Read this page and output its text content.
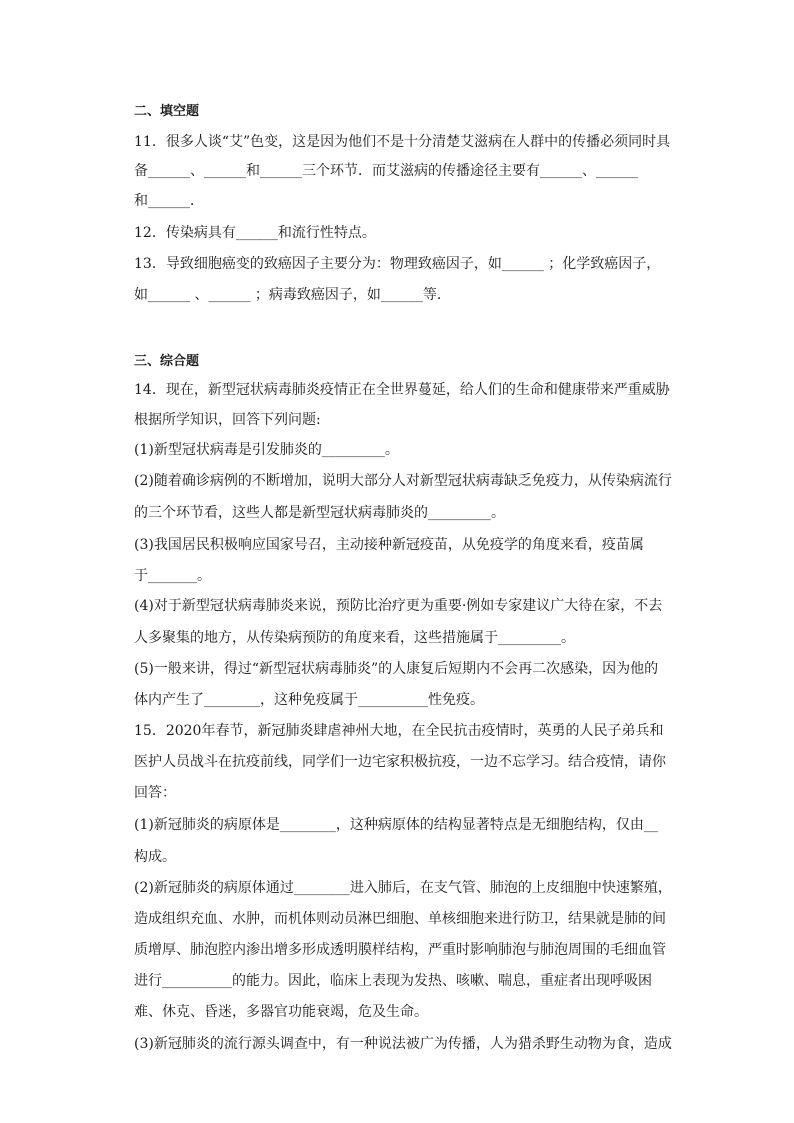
二、填空题
11．很多人谈“艾”色变，这是因为他们不是十分清楚艾滋病在人群中的传播必须同时具
备______、______和______三个环节．而艾滋病的传播途径主要有______、______
和______．
12．传染病具有______和流行性特点。
13．导致细胞癌变的致癌因子主要分为：物理致癌因子，如______ ；化学致癌因子，
如______ 、______ ；病毒致癌因子，如______等．
三、综合题
14．现在，新型冠状病毒肺炎疫情正在全世界蔓延，给人们的生命和健康带来严重威胁
根据所学知识，回答下列问题:
(1)新型冠状病毒是引发肺炎的_________。
(2)随着确诊病例的不断增加，说明大部分人对新型冠状病毒缺乏免疫力，从传染病流行
的三个环节看，这些人都是新型冠状病毒肺炎的_________。
(3)我国居民积极响应国家号召，主动接种新冠疫苗，从免疫学的角度来看，疫苗属
于_______。
(4)对于新型冠状病毒肺炎来说，预防比治疗更为重要·例如专家建议广大待在家，不去
人多聚集的地方，从传染病预防的角度来看，这些措施属于_________。
(5)一般来讲，得过“新型冠状病毒肺炎”的人康复后短期内不会再二次感染，因为他的
体内产生了________，这种免疫属于__________性免疫。
15．2020年春节，新冠肺炎肆虐神州大地，在全民抗击疫情时，英勇的人民子弟兵和
医护人员战斗在抗疫前线，同学们一边宅家积极抗疫，一边不忘学习。结合疫情，请你
回答：
(1)新冠肺炎的病原体是________，这种病原体的结构显著特点是无细胞结构，仅由__
构成。
(2)新冠肺炎的病原体通过________进入肺后，在支气管、肺泡的上皮细胞中快速繁殖，
造成组织充血、水肿，而机体则动员淋巴细胞、单核细胞来进行防卫，结果就是肺的间
质增厚、肺泡腔内渗出增多形成透明膜样结构，严重时影响肺泡与肺泡周围的毛细血管
进行__________的能力。因此，临床上表现为发热、咳嗽、喘息，重症者出现呼吸困
难、休克、昏迷，多器官功能衰竭，危及生命。
(3)新冠肺炎的流行源头调查中，有一种说法被广为传播，人为猎杀野生动物为食，造成
